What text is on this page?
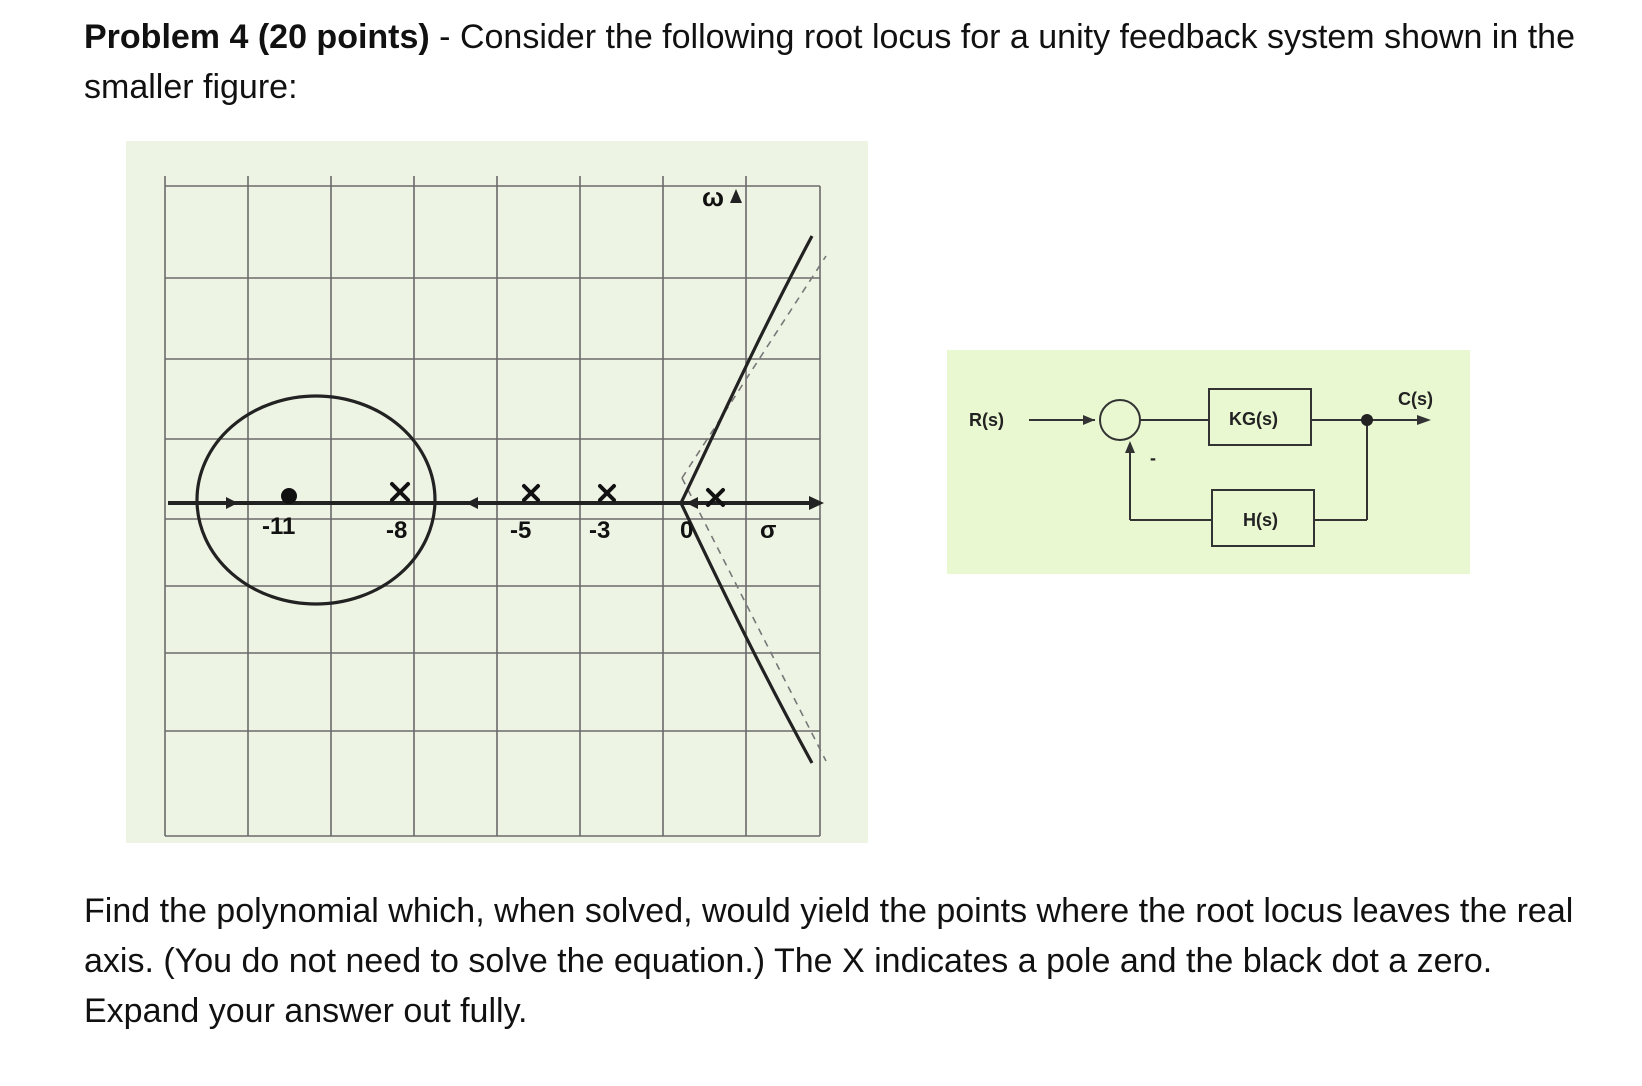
Problem 4 (20 points) - Consider the following root locus for a unity feedback system shown in the smaller figure:

-11	-8	-5 -3	0
ω
σ
R(s)
C(s)
KG(s)
H(s)
-

Find the polynomial which, when solved, would yield the points where the root locus leaves the real axis. (You do not need to solve the equation.) The X indicates a pole and the black dot a zero. Expand your answer out fully.
